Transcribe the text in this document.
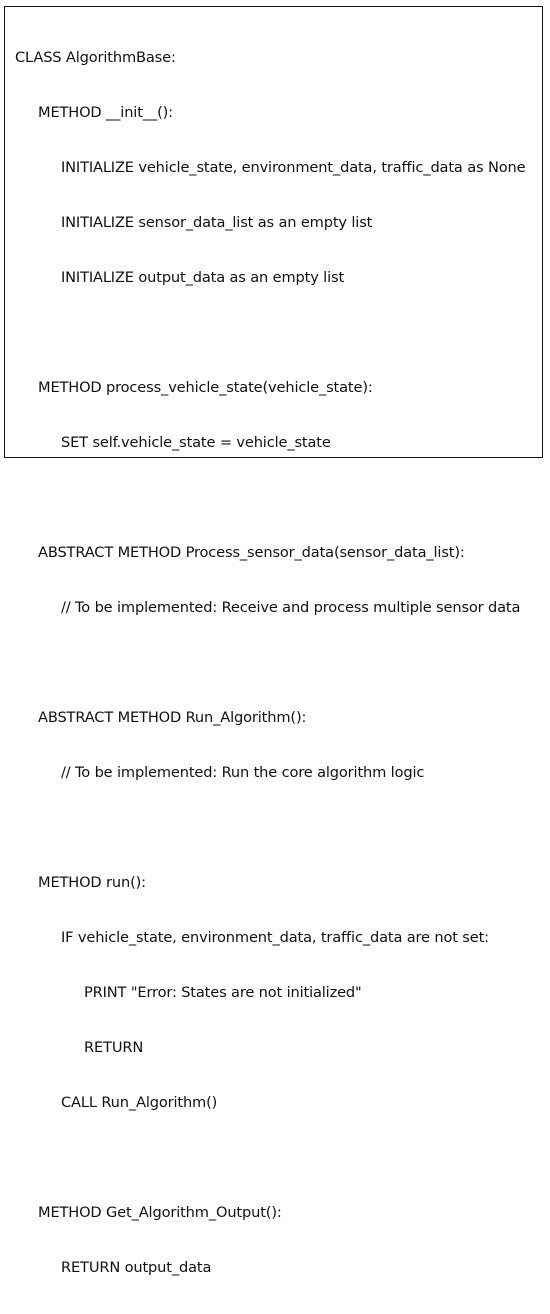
CLASS AlgorithmBase:

METHOD __init__():

INITIALIZE vehicle_state, environment_data, traffic_data as None

INITIALIZE sensor_data_list as an empty list

INITIALIZE output_data as an empty list

METHOD process_vehicle_state(vehicle_state):

SET self.vehicle_state = vehicle_state

ABSTRACT METHOD Process_sensor_data(sensor_data_list):

// To be implemented: Receive and process multiple sensor data

ABSTRACT METHOD Run_Algorithm():

// To be implemented: Run the core algorithm logic

METHOD run():

IF vehicle_state, environment_data, traffic_data are not set:

PRINT "Error: States are not initialized"

RETURN

CALL Run_Algorithm()

METHOD Get_Algorithm_Output():

RETURN output_data
